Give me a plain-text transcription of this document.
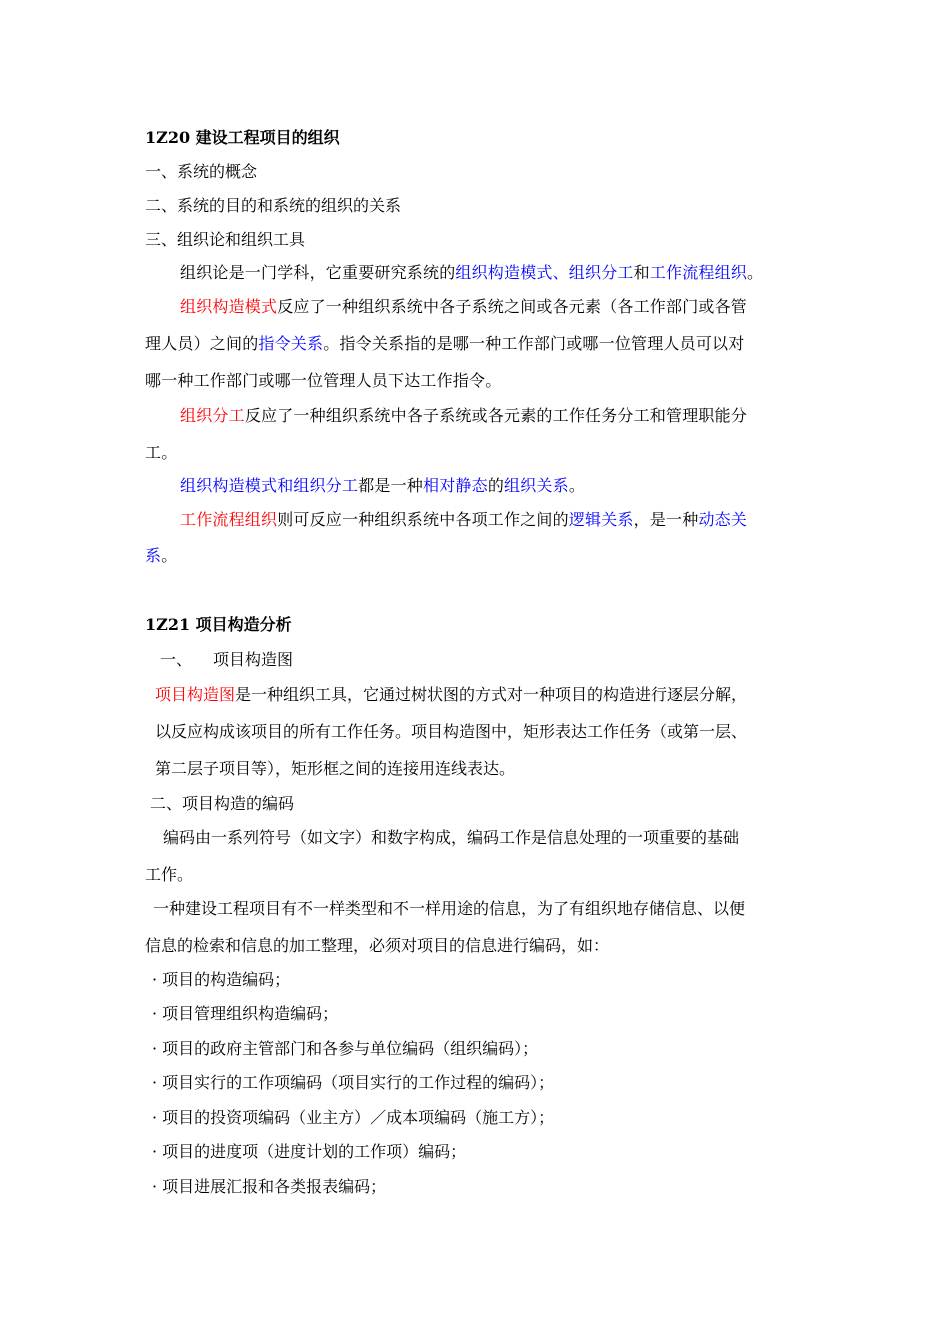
1Z20 建设工程项目的组织
一、系统的概念
二、系统的目的和系统的组织的关系
三、组织论和组织工具
组织论是一门学科，它重要研究系统的组织构造模式、组织分工和工作流程组织。
组织构造模式反应了一种组织系统中各子系统之间或各元素（各工作部门或各管
理人员）之间的指令关系。指令关系指的是哪一种工作部门或哪一位管理人员可以对
哪一种工作部门或哪一位管理人员下达工作指令。
组织分工反应了一种组织系统中各子系统或各元素的工作任务分工和管理职能分
工。
组织构造模式和组织分工都是一种相对静态的组织关系。
工作流程组织则可反应一种组织系统中各项工作之间的逻辑关系，是一种动态关
系。
1Z21 项目构造分析
一、 项目构造图
项目构造图是一种组织工具，它通过树状图的方式对一种项目的构造进行逐层分解，
以反应构成该项目的所有工作任务。项目构造图中，矩形表达工作任务（或第一层、
第二层子项目等），矩形框之间的连接用连线表达。
二、项目构造的编码
编码由一系列符号（如文字）和数字构成，编码工作是信息处理的一项重要的基础
工作。
一种建设工程项目有不一样类型和不一样用途的信息，为了有组织地存储信息、以便
信息的检索和信息的加工整理，必须对项目的信息进行编码，如：
· 项目的构造编码；
· 项目管理组织构造编码；
· 项目的政府主管部门和各参与单位编码（组织编码）；
· 项目实行的工作项编码（项目实行的工作过程的编码）；
· 项目的投资项编码（业主方）／成本项编码（施工方）；
· 项目的进度项（进度计划的工作项）编码；
· 项目进展汇报和各类报表编码；
